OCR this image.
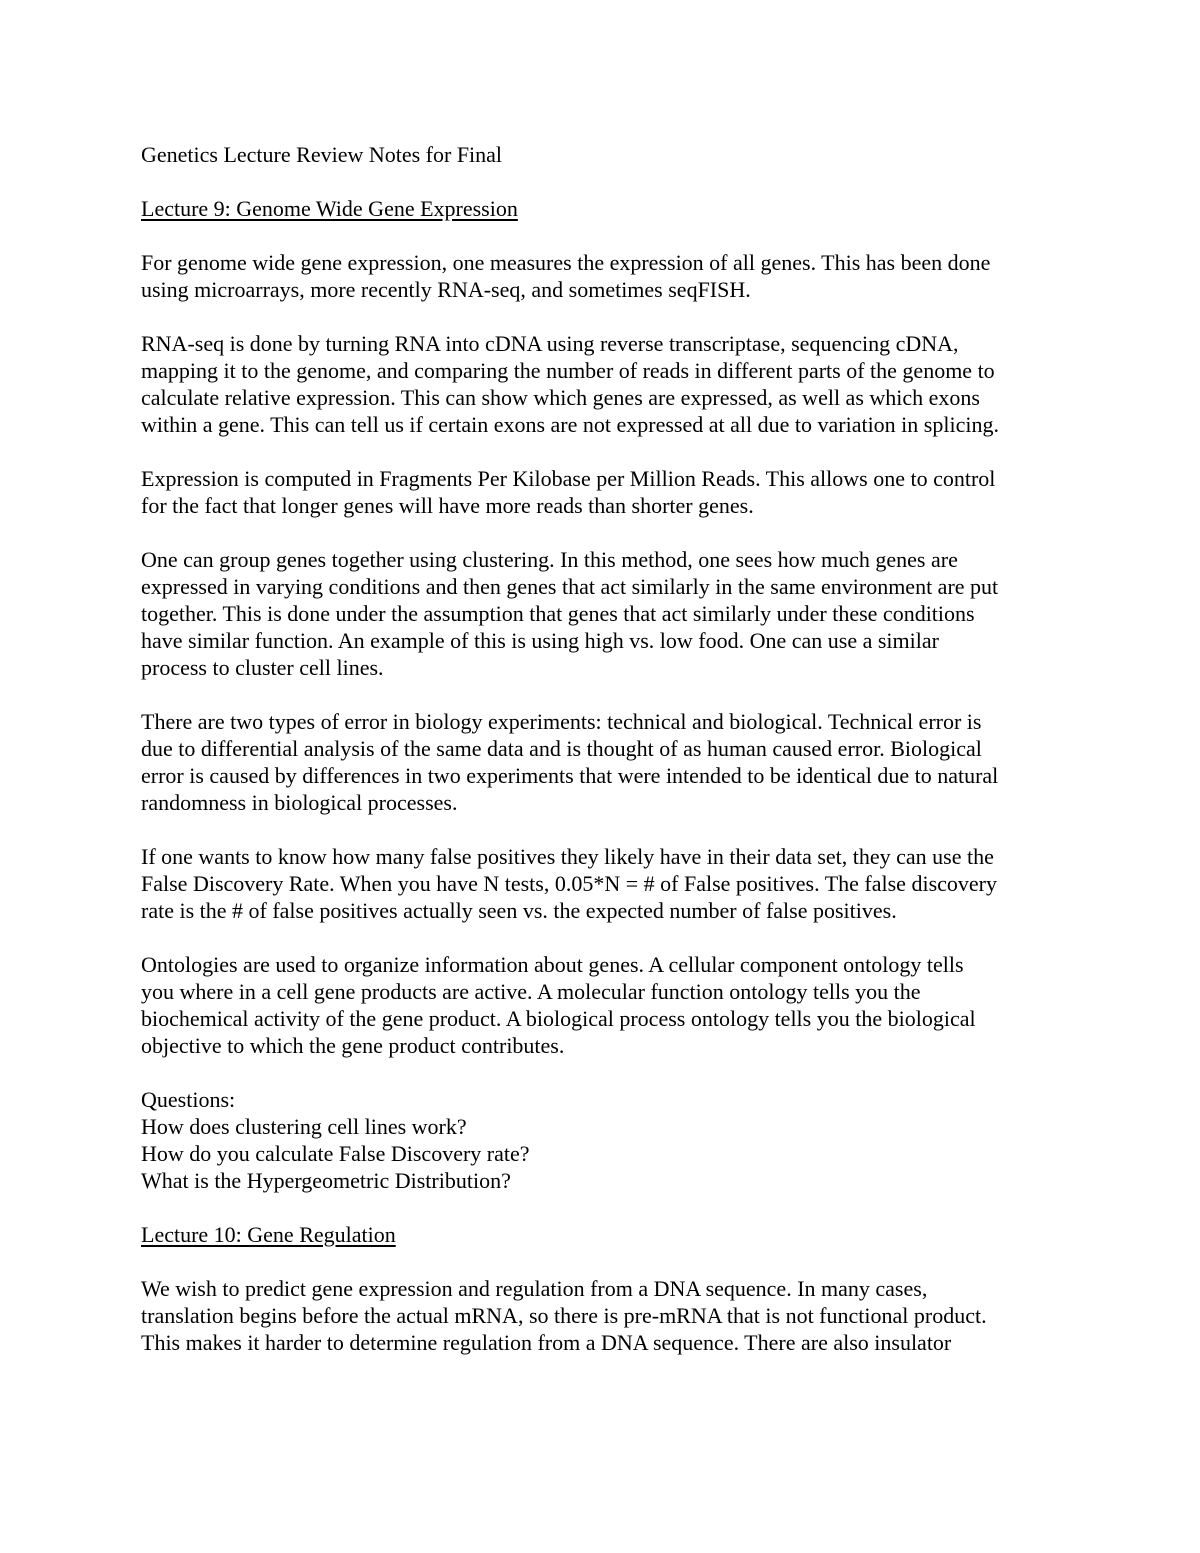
Genetics Lecture Review Notes for Final
Lecture 9: Genome Wide Gene Expression
For genome wide gene expression, one measures the expression of all genes. This has been done
using microarrays, more recently RNA-seq, and sometimes seqFISH.
RNA-seq is done by turning RNA into cDNA using reverse transcriptase, sequencing cDNA,
mapping it to the genome, and comparing the number of reads in different parts of the genome to
calculate relative expression. This can show which genes are expressed, as well as which exons
within a gene. This can tell us if certain exons are not expressed at all due to variation in splicing.
Expression is computed in Fragments Per Kilobase per Million Reads. This allows one to control
for the fact that longer genes will have more reads than shorter genes.
One can group genes together using clustering. In this method, one sees how much genes are
expressed in varying conditions and then genes that act similarly in the same environment are put
together. This is done under the assumption that genes that act similarly under these conditions
have similar function. An example of this is using high vs. low food. One can use a similar
process to cluster cell lines.
There are two types of error in biology experiments: technical and biological. Technical error is
due to differential analysis of the same data and is thought of as human caused error. Biological
error is caused by differences in two experiments that were intended to be identical due to natural
randomness in biological processes.
If one wants to know how many false positives they likely have in their data set, they can use the
False Discovery Rate. When you have N tests, 0.05*N = # of False positives. The false discovery
rate is the # of false positives actually seen vs. the expected number of false positives.
Ontologies are used to organize information about genes. A cellular component ontology tells
you where in a cell gene products are active. A molecular function ontology tells you the
biochemical activity of the gene product. A biological process ontology tells you the biological
objective to which the gene product contributes.
Questions:
How does clustering cell lines work?
How do you calculate False Discovery rate?
What is the Hypergeometric Distribution?
Lecture 10: Gene Regulation
We wish to predict gene expression and regulation from a DNA sequence. In many cases,
translation begins before the actual mRNA, so there is pre-mRNA that is not functional product.
This makes it harder to determine regulation from a DNA sequence. There are also insulator
